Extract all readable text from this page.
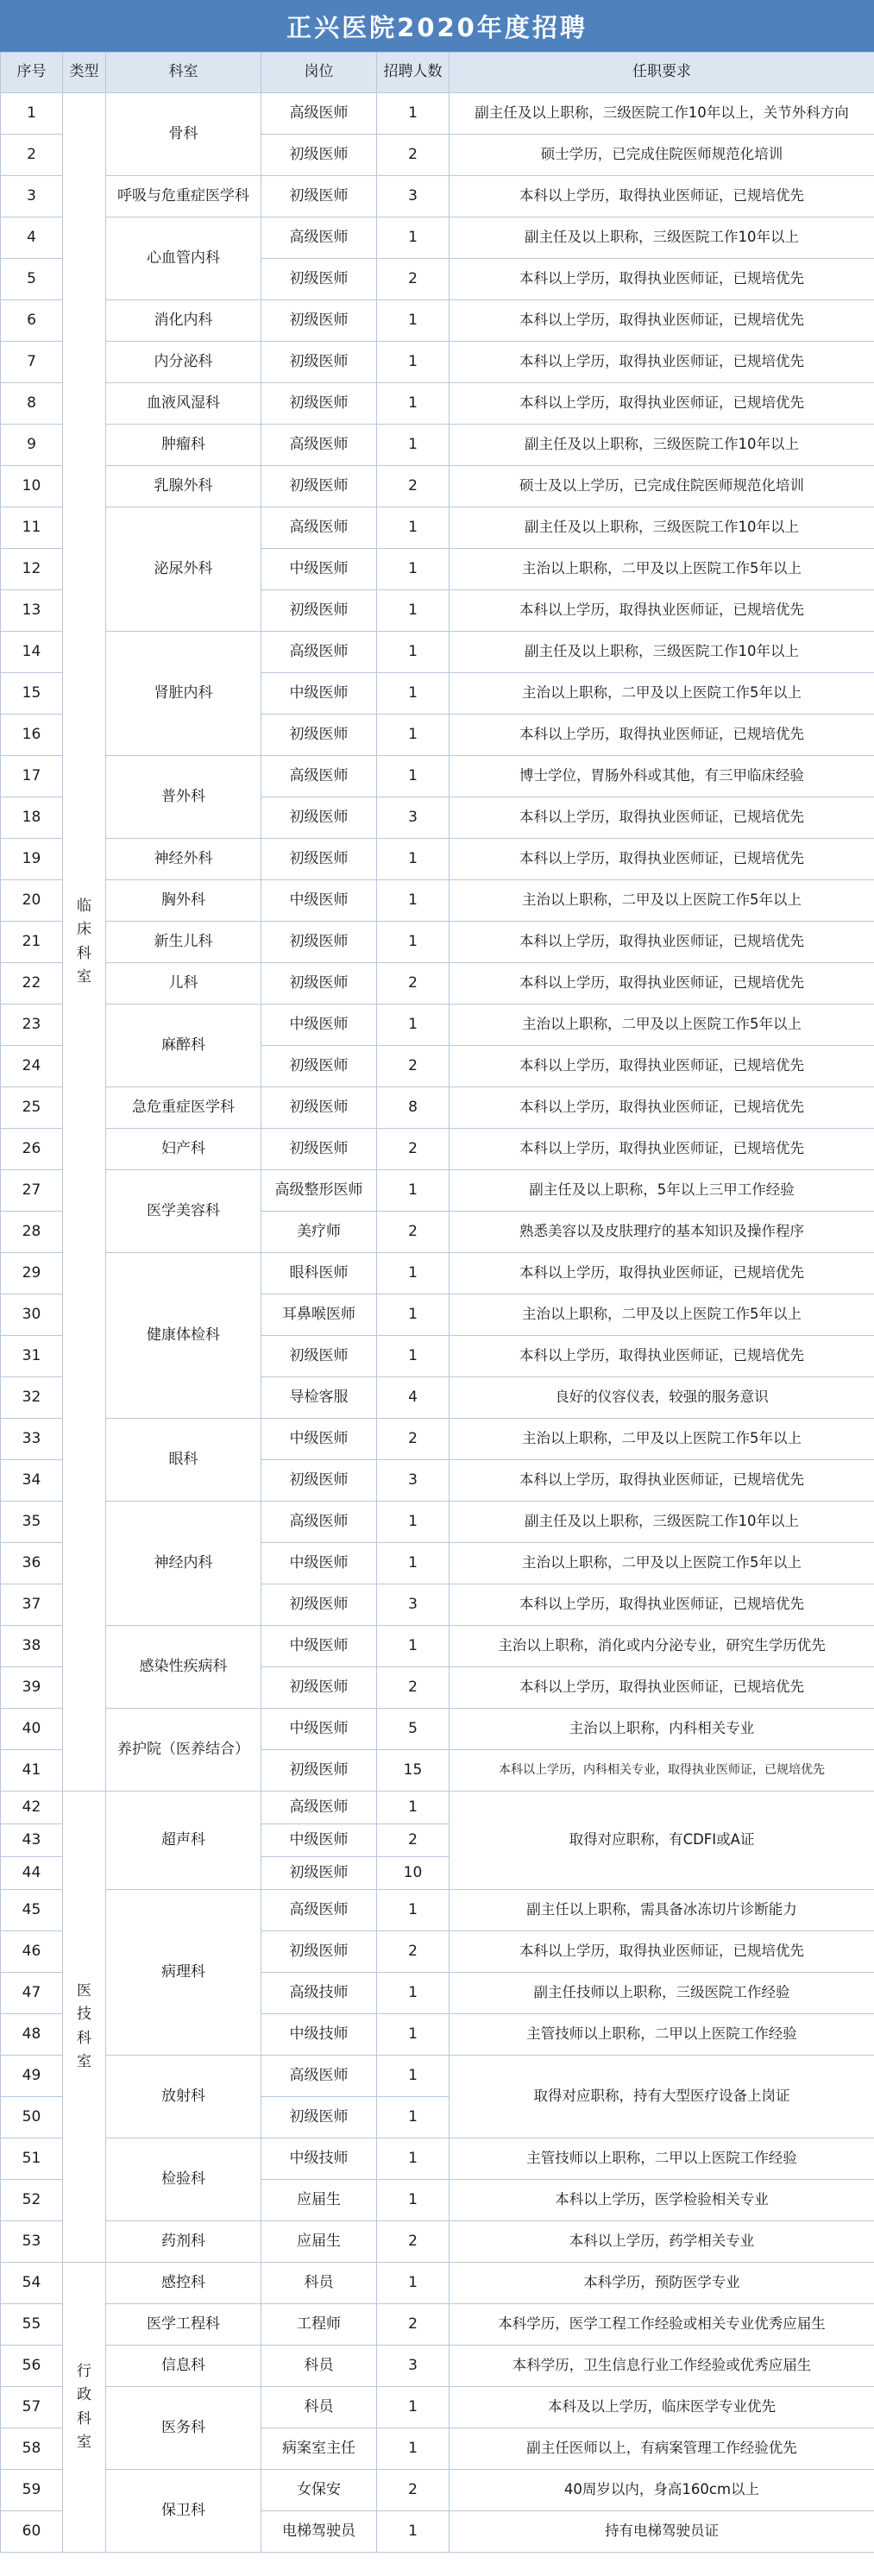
正兴医院2020年度招聘
序号	类型	科室	岗位	招聘人数	任职要求
1	临床科室	骨科	高级医师	1	副主任及以上职称，三级医院工作10年以上，关节外科方向
2			初级医师	2	硕士学历，已完成住院医师规范化培训
3		呼吸与危重症医学科	初级医师	3	本科以上学历，取得执业医师证，已规培优先
4		心血管内科	高级医师	1	副主任及以上职称，三级医院工作10年以上
5			初级医师	2	本科以上学历，取得执业医师证，已规培优先
6		消化内科	初级医师	1	本科以上学历，取得执业医师证，已规培优先
7		内分泌科	初级医师	1	本科以上学历，取得执业医师证，已规培优先
8		血液风湿科	初级医师	1	本科以上学历，取得执业医师证，已规培优先
9		肿瘤科	高级医师	1	副主任及以上职称，三级医院工作10年以上
10		乳腺外科	初级医师	2	硕士及以上学历，已完成住院医师规范化培训
11		泌尿外科	高级医师	1	副主任及以上职称，三级医院工作10年以上
12			中级医师	1	主治以上职称，二甲及以上医院工作5年以上
13			初级医师	1	本科以上学历，取得执业医师证，已规培优先
14		肾脏内科	高级医师	1	副主任及以上职称，三级医院工作10年以上
15			中级医师	1	主治以上职称，二甲及以上医院工作5年以上
16			初级医师	1	本科以上学历，取得执业医师证，已规培优先
17		普外科	高级医师	1	博士学位，胃肠外科或其他，有三甲临床经验
18			初级医师	3	本科以上学历，取得执业医师证，已规培优先
19		神经外科	初级医师	1	本科以上学历，取得执业医师证，已规培优先
20		胸外科	中级医师	1	主治以上职称，二甲及以上医院工作5年以上
21		新生儿科	初级医师	1	本科以上学历，取得执业医师证，已规培优先
22		儿科	初级医师	2	本科以上学历，取得执业医师证，已规培优先
23		麻醉科	中级医师	1	主治以上职称，二甲及以上医院工作5年以上
24			初级医师	2	本科以上学历，取得执业医师证，已规培优先
25		急危重症医学科	初级医师	8	本科以上学历，取得执业医师证，已规培优先
26		妇产科	初级医师	2	本科以上学历，取得执业医师证，已规培优先
27		医学美容科	高级整形医师	1	副主任及以上职称，5年以上三甲工作经验
28			美疗师	2	熟悉美容以及皮肤理疗的基本知识及操作程序
29		健康体检科	眼科医师	1	本科以上学历，取得执业医师证，已规培优先
30			耳鼻喉医师	1	主治以上职称，二甲及以上医院工作5年以上
31			初级医师	1	本科以上学历，取得执业医师证，已规培优先
32			导检客服	4	良好的仪容仪表，较强的服务意识
33		眼科	中级医师	2	主治以上职称，二甲及以上医院工作5年以上
34			初级医师	3	本科以上学历，取得执业医师证，已规培优先
35		神经内科	高级医师	1	副主任及以上职称，三级医院工作10年以上
36			中级医师	1	主治以上职称，二甲及以上医院工作5年以上
37			初级医师	3	本科以上学历，取得执业医师证，已规培优先
38		感染性疾病科	中级医师	1	主治以上职称，消化或内分泌专业，研究生学历优先
39			初级医师	2	本科以上学历，取得执业医师证，已规培优先
40		养护院（医养结合）	中级医师	5	主治以上职称，内科相关专业
41			初级医师	15	本科以上学历，内科相关专业，取得执业医师证，已规培优先
42	医技科室	超声科	高级医师	1	取得对应职称，有CDFI或A证
43			中级医师	2	
44			初级医师	10	
45		病理科	高级医师	1	副主任以上职称，需具备冰冻切片诊断能力
46			初级医师	2	本科以上学历，取得执业医师证，已规培优先
47			高级技师	1	副主任技师以上职称，三级医院工作经验
48			中级技师	1	主管技师以上职称，二甲以上医院工作经验
49		放射科	高级医师	1	取得对应职称，持有大型医疗设备上岗证
50			初级医师	1	
51		检验科	中级技师	1	主管技师以上职称，二甲以上医院工作经验
52			应届生	1	本科以上学历，医学检验相关专业
53		药剂科	应届生	2	本科以上学历，药学相关专业
54	行政科室	感控科	科员	1	本科学历，预防医学专业
55		医学工程科	工程师	2	本科学历，医学工程工作经验或相关专业优秀应届生
56		信息科	科员	3	本科学历，卫生信息行业工作经验或优秀应届生
57		医务科	科员	1	本科及以上学历，临床医学专业优先
58			病案室主任	1	副主任医师以上，有病案管理工作经验优先
59		保卫科	女保安	2	40周岁以内，身高160cm以上
60			电梯驾驶员	1	持有电梯驾驶员证
